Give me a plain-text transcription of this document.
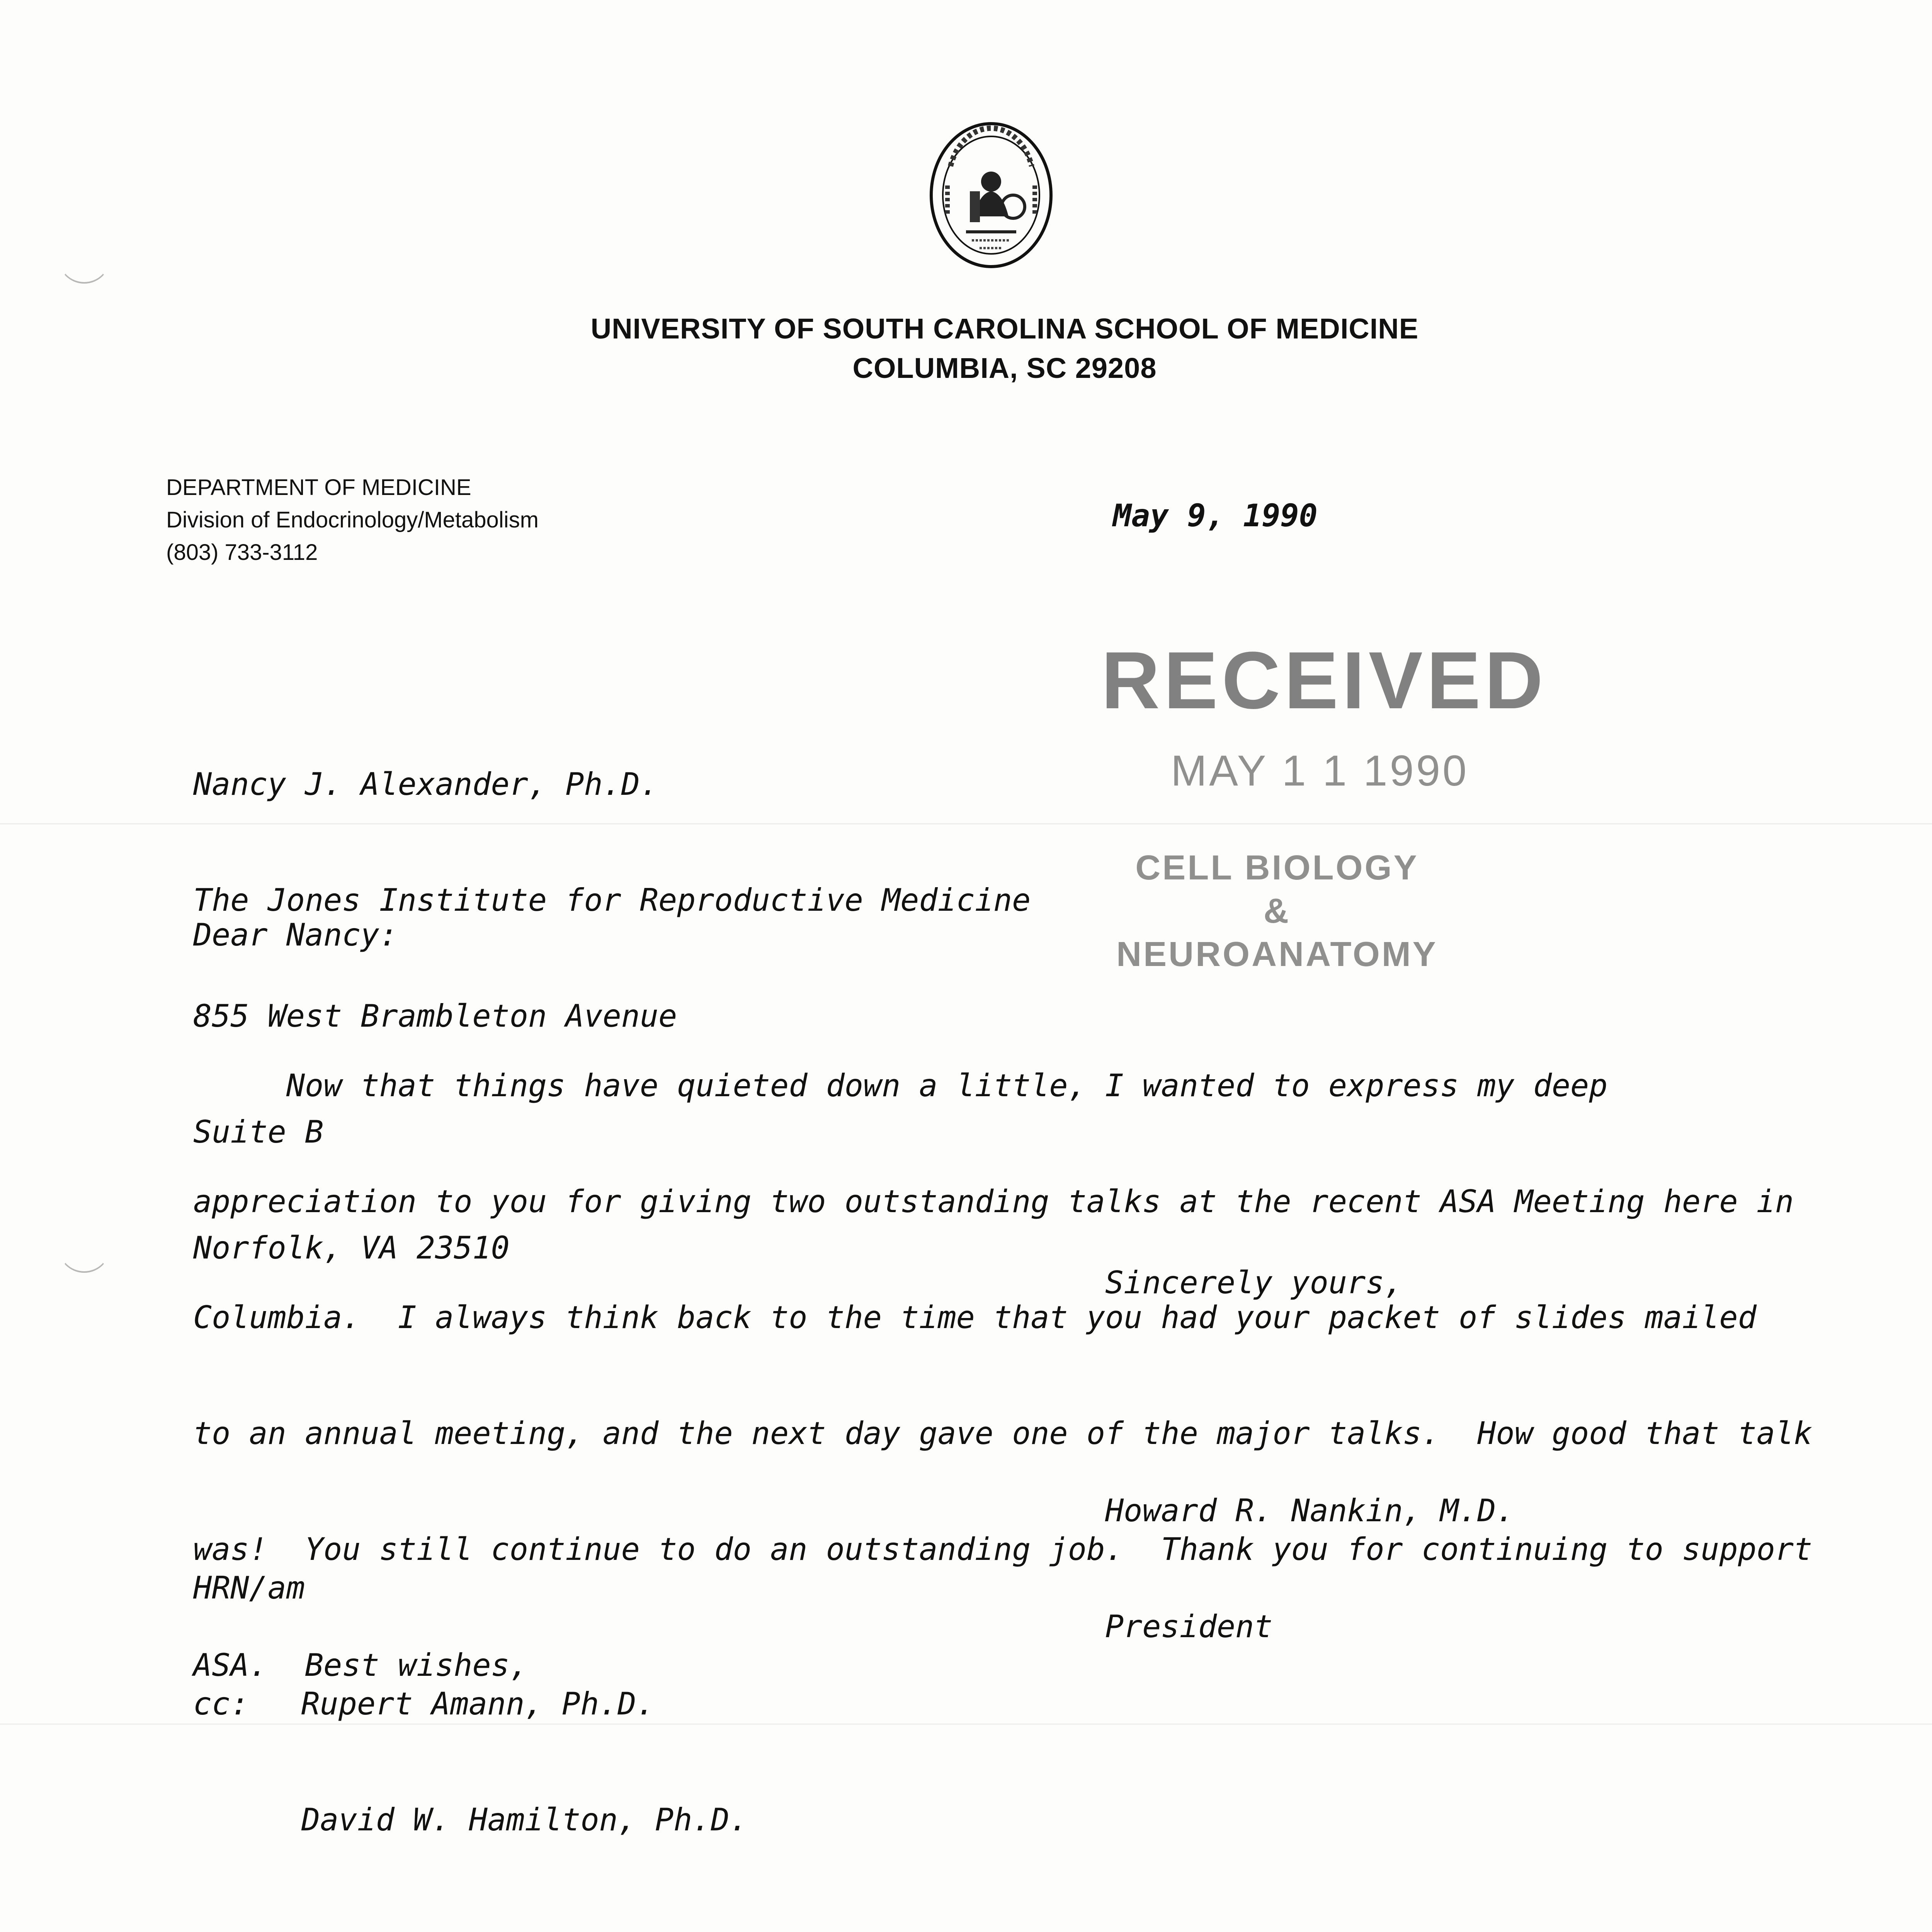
UNIVERSITY OF SOUTH CAROLINA SCHOOL OF MEDICINE
COLUMBIA, SC 29208
DEPARTMENT OF MEDICINE
Division of Endocrinology/Metabolism
(803) 733-3112
May 9, 1990
RECEIVED
MAY 1 1 1990
CELL BIOLOGY
& NEUROANATOMY

Nancy J. Alexander, Ph.D.

The Jones Institute for Reproductive Medicine

855 West Brambleton Avenue

Suite B

Norfolk, VA 23510

Dear Nancy:

Now that things have quieted down a little, I wanted to express my deep

appreciation to you for giving two outstanding talks at the recent ASA Meeting here in

Columbia.  I always think back to the time that you had your packet of slides mailed

to an annual meeting, and the next day gave one of the major talks.  How good that talk

was!  You still continue to do an outstanding job.  Thank you for continuing to support

ASA.  Best wishes,

Sincerely yours,

Howard R. Nankin, M.D.

President

HRN/am

cc: Rupert Amann, Ph.D.

David W. Hamilton, Ph.D.
